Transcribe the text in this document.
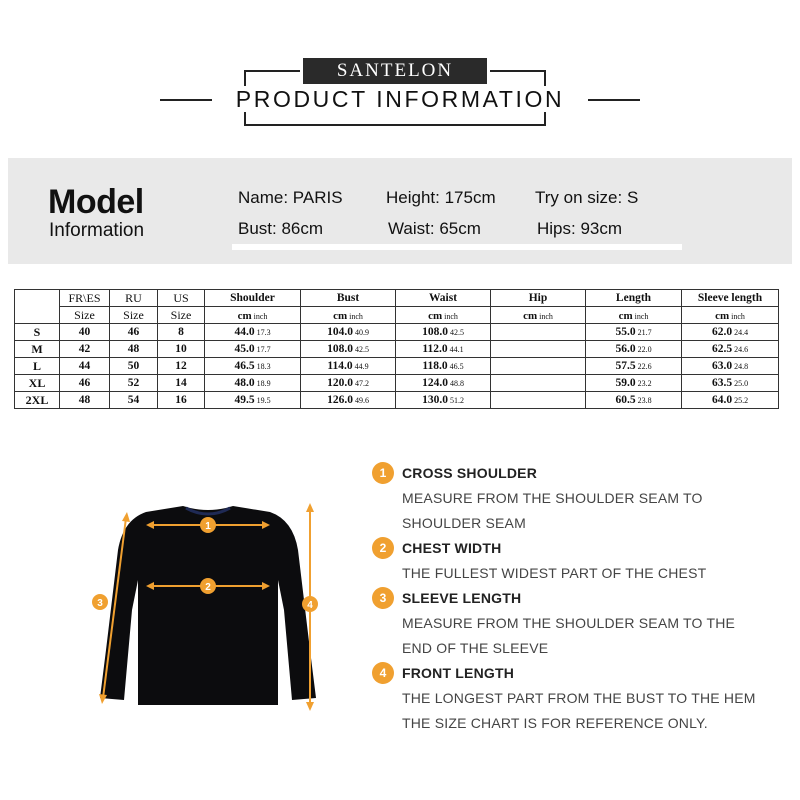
SANTELON
PRODUCT INFORMATION
Model
Information
Name: PARIS	Height: 175cm Try on size: S
Bust: 86cm	Waist: 65cm	Hips: 93cm
	FR\ES	RU	US	Shoulder	Bust	Waist	Hip	Length	Sleeve length
	Size	Size	Size	cm inch	cm inch	cm inch	cm inch	cm inch	cm inch
S	40	46	8	44.0 17.3	104.0 40.9	108.0 42.5		55.0 21.7	62.0 24.4
M	42	48	10	45.0 17.7	108.0 42.5	112.0 44.1		56.0 22.0	62.5 24.6
L	44	50	12	46.5 18.3	114.0 44.9	118.0 46.5		57.5 22.6	63.0 24.8
XL	46	52	14	48.0 18.9	120.0 47.2	124.0 48.8		59.0 23.2	63.5 25.0
2XL	48	54	16	49.5 19.5	126.0 49.6	130.0 51.2		60.5 23.8	64.0 25.2
1
2
3	4
1	CROSS SHOULDER
MEASURE FROM THE SHOULDER SEAM TO
SHOULDER SEAM
2	CHEST WIDTH
THE FULLEST WIDEST PART OF THE CHEST
3	SLEEVE LENGTH
MEASURE FROM THE SHOULDER SEAM TO THE
END OF THE SLEEVE
4	FRONT LENGTH
THE LONGEST PART FROM THE BUST TO THE HEM
THE SIZE CHART IS FOR REFERENCE ONLY.
